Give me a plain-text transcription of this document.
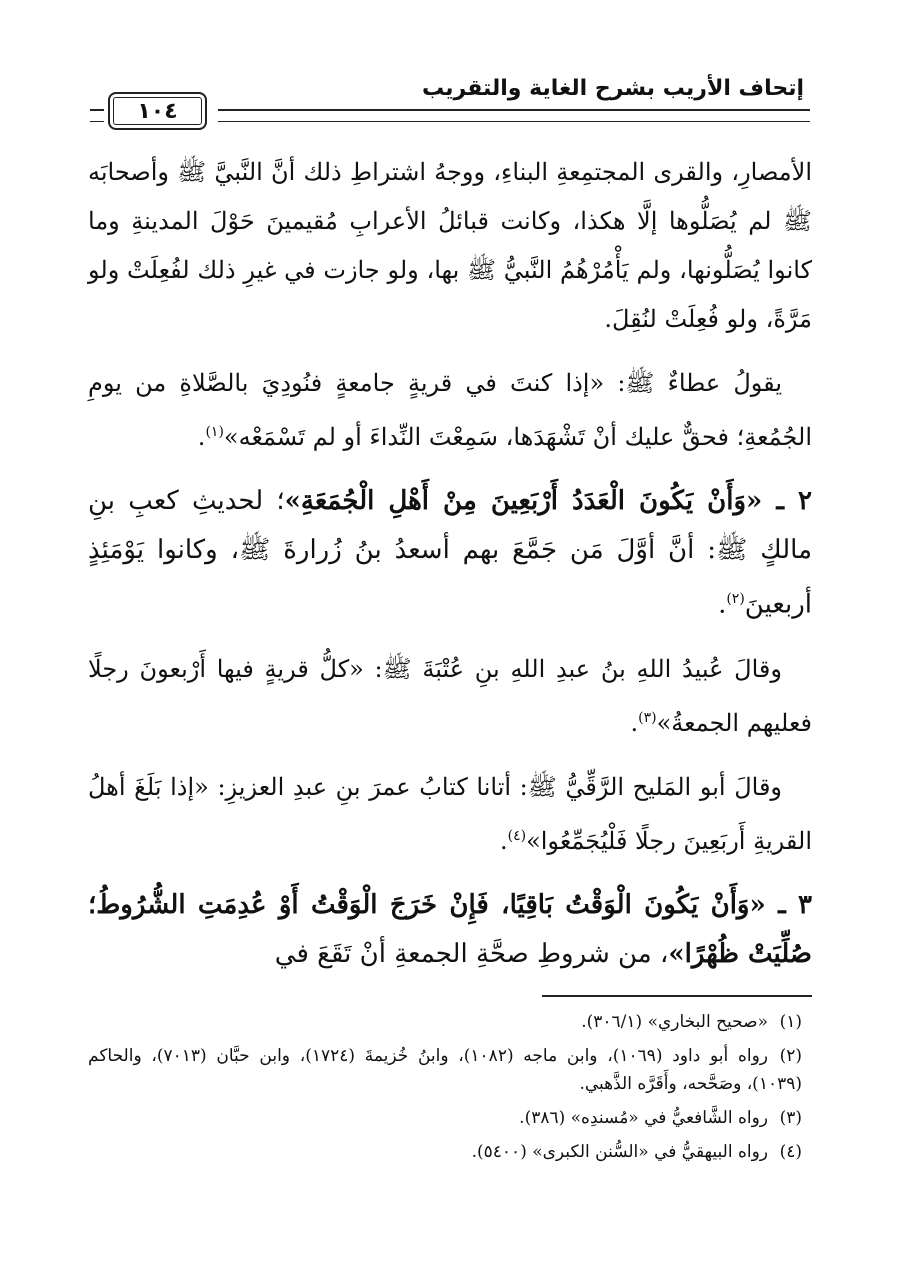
إتحاف الأريب بشرح الغاية والتقريب
١٠٤

الأمصارِ، والقرى المجتمِعةِ البناءِ، ووجهُ اشتراطِ ذلك أنَّ النَّبيَّ ﷺ وأصحابَه ﷺ لم يُصَلُّوها إلَّا هكذا، وكانت قبائلُ الأعرابِ مُقيمينَ حَوْلَ المدينةِ وما كانوا يُصَلُّونها، ولم يَأْمُرْهُمُ النَّبيُّ ﷺ بها، ولو جازت في غيرِ ذلك لفُعِلَتْ ولو مَرَّةً، ولو فُعِلَتْ لنُقِلَ.

يقولُ عطاءٌ ﷺ: «إذا كنتَ في قريةٍ جامعةٍ فنُودِيَ بالصَّلاةِ من يومِ الجُمُعةِ؛ فحقٌّ عليك أنْ تَشْهَدَها، سَمِعْتَ النِّداءَ أو لم تَسْمَعْه»$^{(١)}$.

٢ ـ «وَأَنْ يَكُونَ الْعَدَدُ أَرْبَعِينَ مِنْ أَهْلِ الْجُمَعَةِ»؛ لحديثِ كعبِ بنِ مالكٍ ﷺ: أنَّ أوَّلَ مَن جَمَّعَ بهم أسعدُ بنُ زُرارةَ ﷺ، وكانوا يَوْمَئِذٍ أربعينَ$^{(٢)}$.

وقالَ عُبيدُ اللهِ بنُ عبدِ اللهِ بنِ عُتْبَةَ ﷺ: «كلُّ قريةٍ فيها أَرْبعونَ رجلًا فعليهم الجمعةُ»$^{(٣)}$.

وقالَ أبو المَليح الرَّقِّيُّ ﷺ: أتانا كتابُ عمرَ بنِ عبدِ العزيزِ: «إذا بَلَغَ أهلُ القريةِ أَربَعِينَ رجلًا فَلْيُجَمِّعُوا»$^{(٤)}$.

٣ ـ «وَأَنْ يَكُونَ الْوَقْتُ بَاقِيًا، فَإِنْ خَرَجَ الْوَقْتُ أَوْ عُدِمَتِ الشُّرُوطُ؛ صُلِّيَتْ ظُهْرًا»، من شروطِ صحَّةِ الجمعةِ أنْ تَقَعَ في

(١)«صحيح البخاري» (٣٠٦/١).

(٢)رواه أبو داود (١٠٦٩)، وابن ماجه (١٠٨٢)، وابنُ خُزيمةَ (١٧٢٤)، وابن حبَّان (٧٠١٣)، والحاكم (١٠٣٩)، وصَحَّحه، وأَقَرَّه الذَّهبي.

(٣)رواه الشَّافعيُّ في «مُسندِه» (٣٨٦).

(٤)رواه البيهقيُّ في «السُّنن الكبرى» (٥٤٠٠).
